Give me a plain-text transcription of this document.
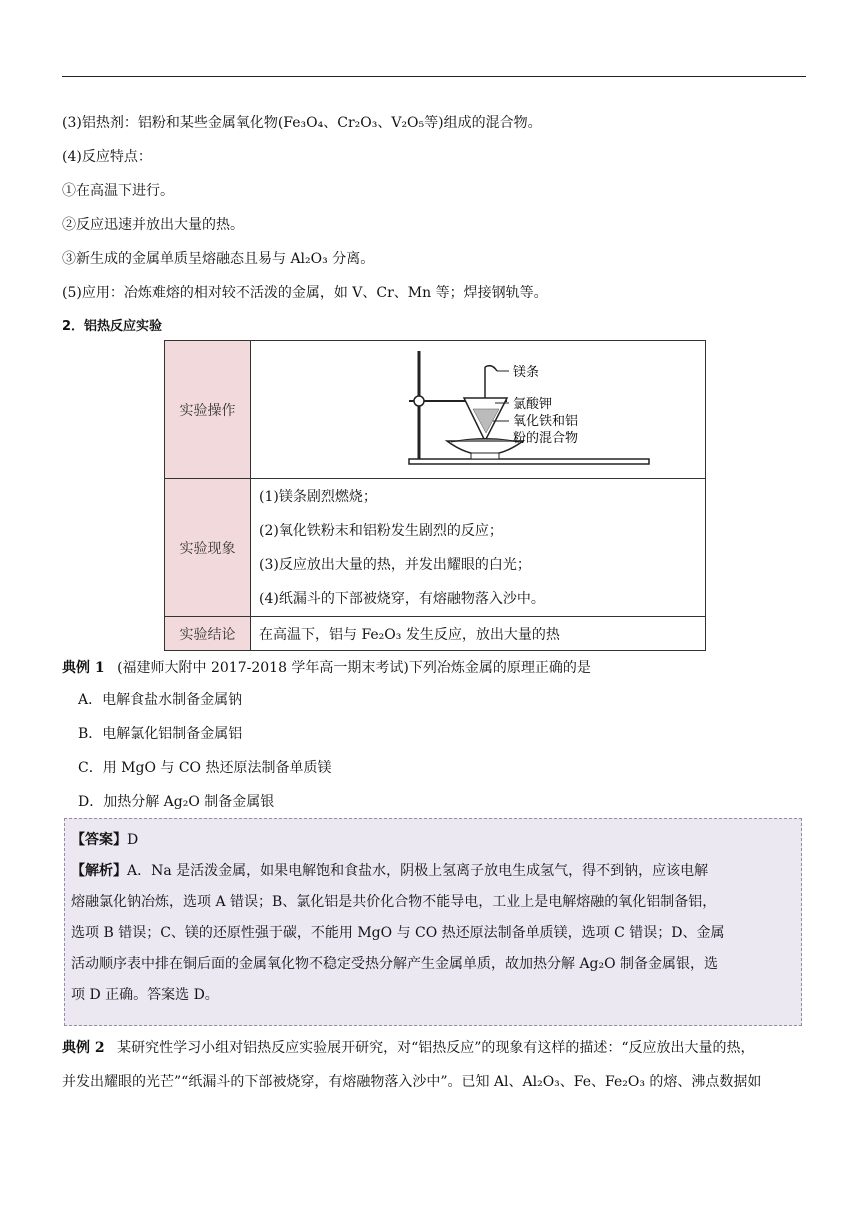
(3)铝热剂：铝粉和某些金属氧化物(Fe₃O₄、Cr₂O₃、V₂O₅等)组成的混合物。
(4)反应特点：
①在高温下进行。
②反应迅速并放出大量的热。
③新生成的金属单质呈熔融态且易与 Al₂O₃ 分离。
(5)应用：冶炼难熔的相对较不活泼的金属，如 V、Cr、Mn 等；焊接钢轨等。
2．铝热反应实验
实验操作	镁条
氯酸钾
氧化铁和铝
粉的混合物

实验现象	(1)镁条剧烈燃烧；
(2)氧化铁粉末和铝粉发生剧烈的反应；
(3)反应放出大量的热，并发出耀眼的白光；
(4)纸漏斗的下部被烧穿，有熔融物落入沙中。

实验结论	在高温下，铝与 Fe₂O₃ 发生反应，放出大量的热
典例 1 (福建师大附中 2017-2018 学年高一期末考试)下列冶炼金属的原理正确的是
A．电解食盐水制备金属钠
B．电解氯化铝制备金属铝
C．用 MgO 与 CO 热还原法制备单质镁
D．加热分解 Ag₂O 制备金属银
【答案】D
【解析】A．Na 是活泼金属，如果电解饱和食盐水，阴极上氢离子放电生成氢气，得不到钠，应该电解
熔融氯化钠冶炼，选项 A 错误；B、氯化铝是共价化合物不能导电，工业上是电解熔融的氧化铝制备铝，
选项 B 错误；C、镁的还原性强于碳，不能用 MgO 与 CO 热还原法制备单质镁，选项 C 错误；D、金属
活动顺序表中排在铜后面的金属氧化物不稳定受热分解产生金属单质，故加热分解 Ag₂O 制备金属银，选
项 D 正确。答案选 D。
典例 2 某研究性学习小组对铝热反应实验展开研究，对“铝热反应”的现象有这样的描述：“反应放出大量的热，
并发出耀眼的光芒”“纸漏斗的下部被烧穿，有熔融物落入沙中”。已知 Al、Al₂O₃、Fe、Fe₂O₃ 的熔、沸点数据如
